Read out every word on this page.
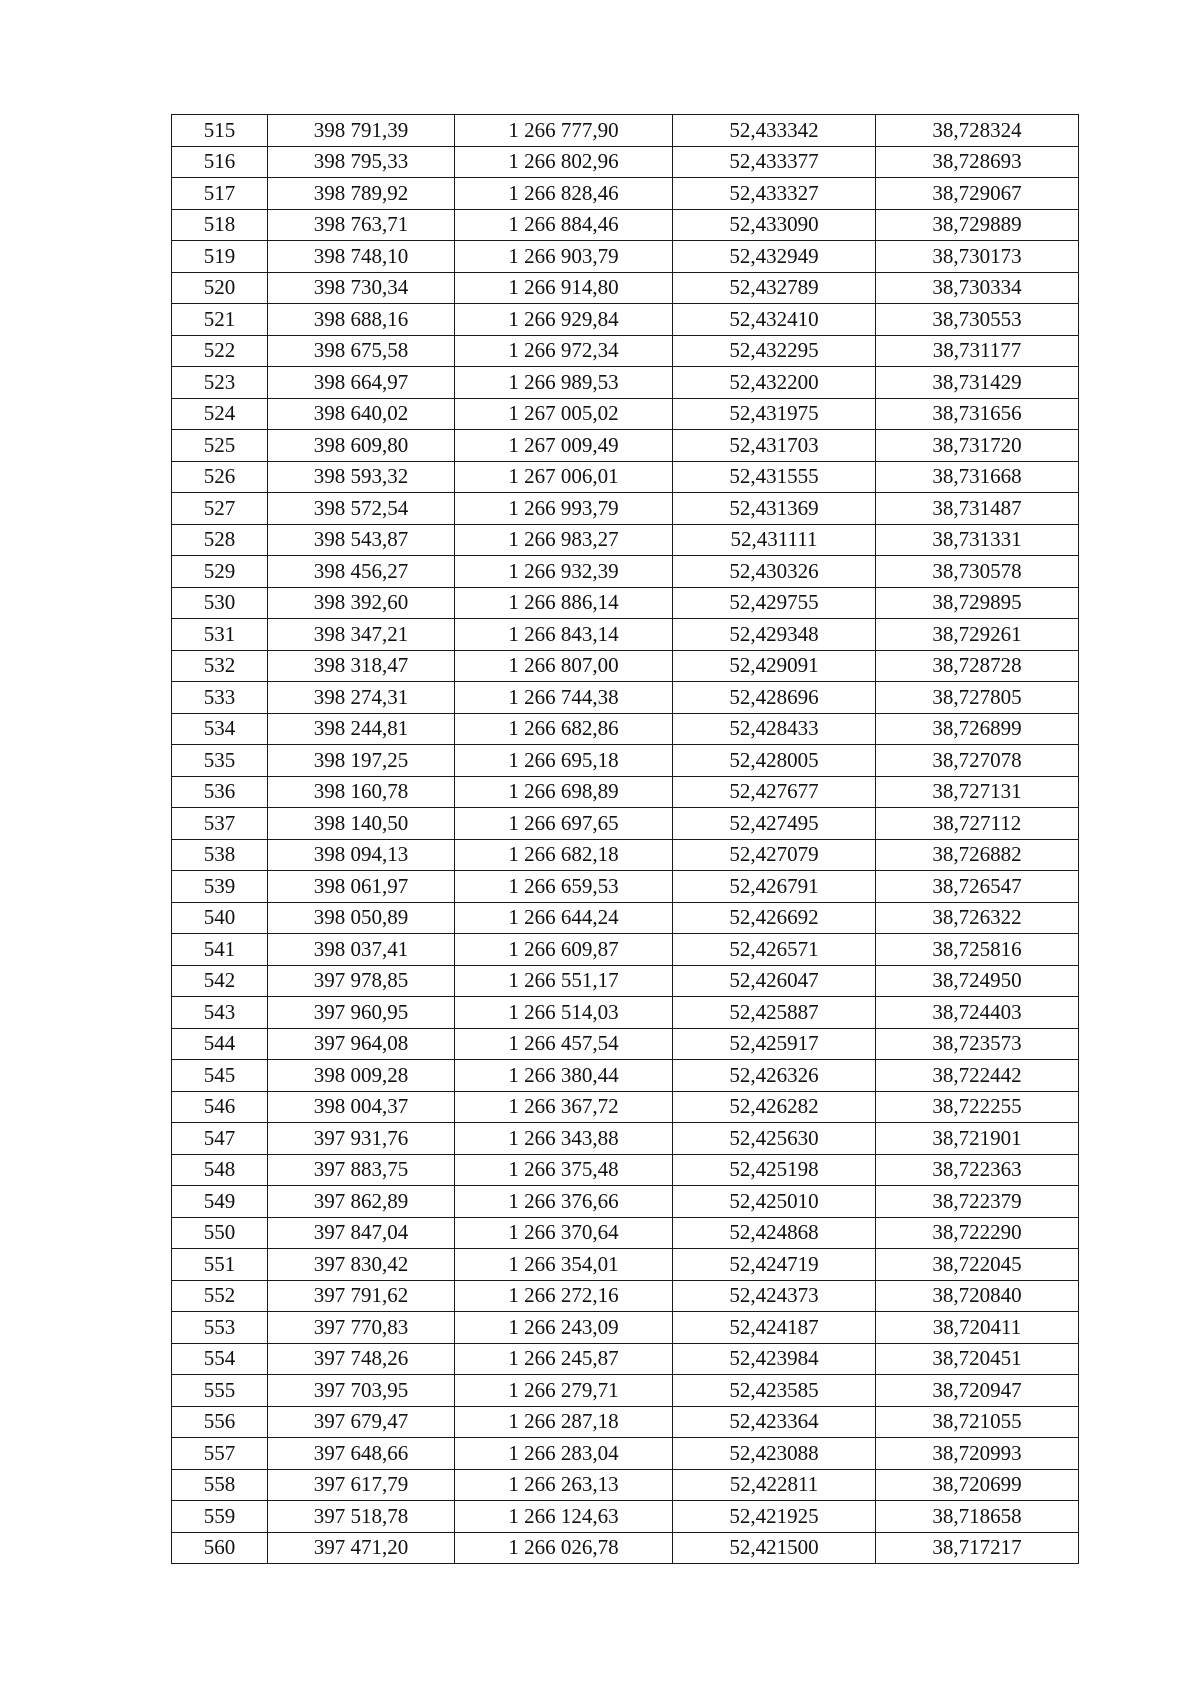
515	398 791,39	1 266 777,90	52,433342	38,728324
516	398 795,33	1 266 802,96	52,433377	38,728693
517	398 789,92	1 266 828,46	52,433327	38,729067
518	398 763,71	1 266 884,46	52,433090	38,729889
519	398 748,10	1 266 903,79	52,432949	38,730173
520	398 730,34	1 266 914,80	52,432789	38,730334
521	398 688,16	1 266 929,84	52,432410	38,730553
522	398 675,58	1 266 972,34	52,432295	38,731177
523	398 664,97	1 266 989,53	52,432200	38,731429
524	398 640,02	1 267 005,02	52,431975	38,731656
525	398 609,80	1 267 009,49	52,431703	38,731720
526	398 593,32	1 267 006,01	52,431555	38,731668
527	398 572,54	1 266 993,79	52,431369	38,731487
528	398 543,87	1 266 983,27	52,431111	38,731331
529	398 456,27	1 266 932,39	52,430326	38,730578
530	398 392,60	1 266 886,14	52,429755	38,729895
531	398 347,21	1 266 843,14	52,429348	38,729261
532	398 318,47	1 266 807,00	52,429091	38,728728
533	398 274,31	1 266 744,38	52,428696	38,727805
534	398 244,81	1 266 682,86	52,428433	38,726899
535	398 197,25	1 266 695,18	52,428005	38,727078
536	398 160,78	1 266 698,89	52,427677	38,727131
537	398 140,50	1 266 697,65	52,427495	38,727112
538	398 094,13	1 266 682,18	52,427079	38,726882
539	398 061,97	1 266 659,53	52,426791	38,726547
540	398 050,89	1 266 644,24	52,426692	38,726322
541	398 037,41	1 266 609,87	52,426571	38,725816
542	397 978,85	1 266 551,17	52,426047	38,724950
543	397 960,95	1 266 514,03	52,425887	38,724403
544	397 964,08	1 266 457,54	52,425917	38,723573
545	398 009,28	1 266 380,44	52,426326	38,722442
546	398 004,37	1 266 367,72	52,426282	38,722255
547	397 931,76	1 266 343,88	52,425630	38,721901
548	397 883,75	1 266 375,48	52,425198	38,722363
549	397 862,89	1 266 376,66	52,425010	38,722379
550	397 847,04	1 266 370,64	52,424868	38,722290
551	397 830,42	1 266 354,01	52,424719	38,722045
552	397 791,62	1 266 272,16	52,424373	38,720840
553	397 770,83	1 266 243,09	52,424187	38,720411
554	397 748,26	1 266 245,87	52,423984	38,720451
555	397 703,95	1 266 279,71	52,423585	38,720947
556	397 679,47	1 266 287,18	52,423364	38,721055
557	397 648,66	1 266 283,04	52,423088	38,720993
558	397 617,79	1 266 263,13	52,422811	38,720699
559	397 518,78	1 266 124,63	52,421925	38,718658
560	397 471,20	1 266 026,78	52,421500	38,717217
